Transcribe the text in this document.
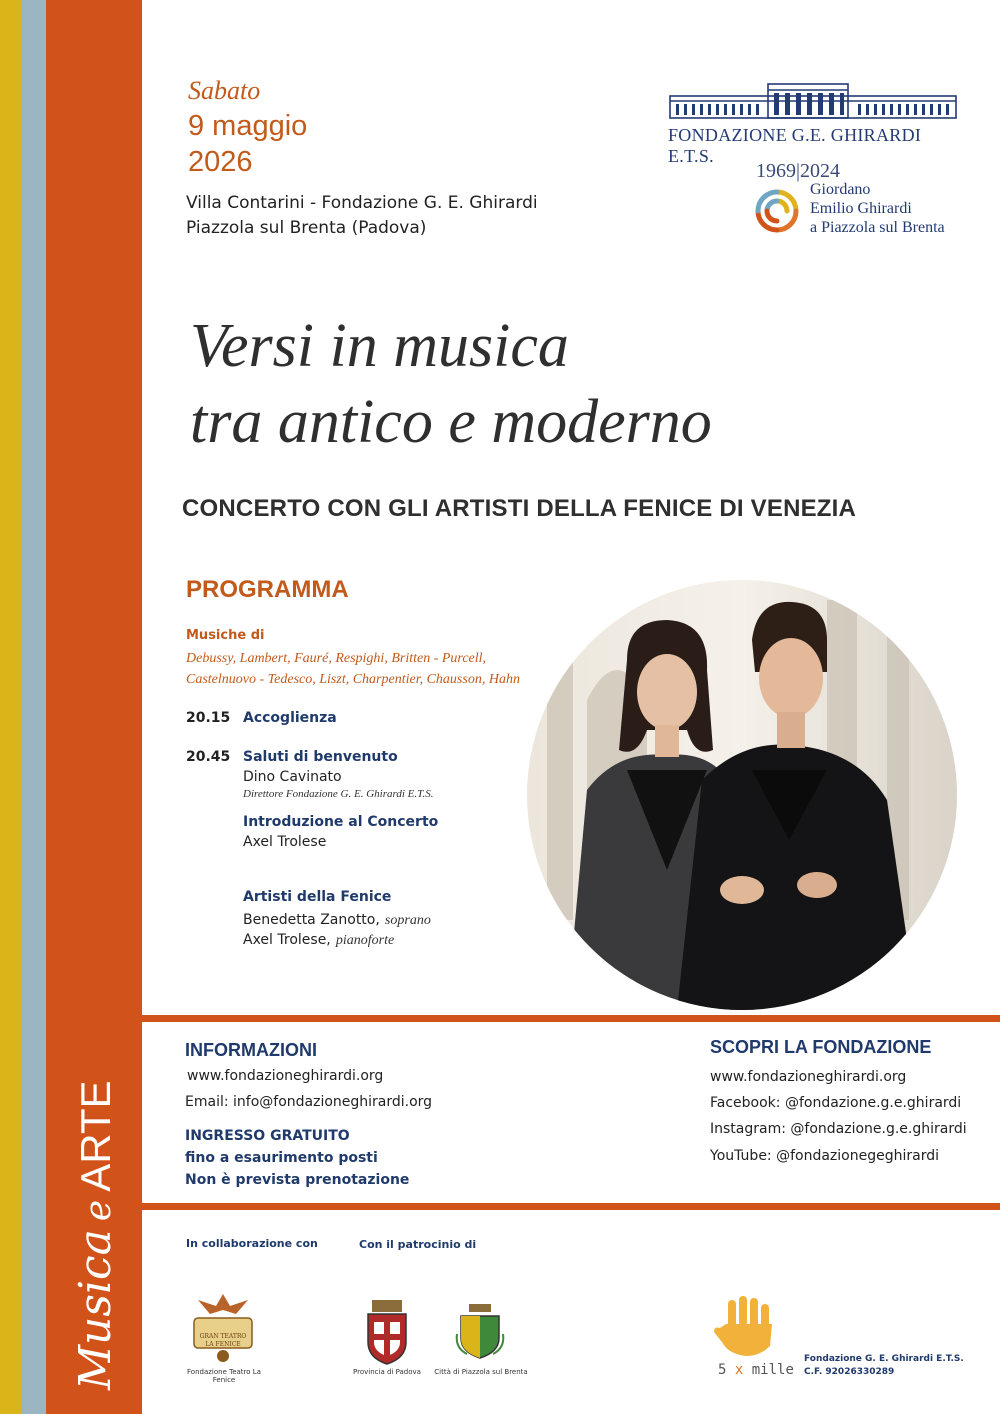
MusicaeARTE
Sabato
9 maggio
2026
Villa Contarini - Fondazione G. E. Ghirardi
Piazzola sul Brenta (Padova)
FONDAZIONE G.E. GHIRARDI E.T.S.
1969|2024
Giordano
Emilio Ghirardi
a Piazzola sul Brenta
Versi in musica
tra antico e moderno
CONCERTO CON GLI ARTISTI DELLA FENICE DI VENEZIA
PROGRAMMA
Musiche di
Debussy, Lambert, Fauré, Respighi, Britten - Purcell,
Castelnuovo - Tedesco, Liszt, Charpentier, Chausson, Hahn
20.15 Accoglienza
20.45 Saluti di benvenuto
Dino Cavinato
Direttore Fondazione G. E. Ghirardi E.T.S.
Introduzione al Concerto
Axel Trolese
Artisti della Fenice
Benedetta Zanotto, soprano
Axel Trolese, pianoforte
INFORMAZIONI
www.fondazioneghirardi.org
Email: info@fondazioneghirardi.org
INGRESSO GRATUITO
fino a esaurimento posti
Non è prevista prenotazione
SCOPRI LA FONDAZIONE
www.fondazioneghirardi.org
Facebook: @fondazione.g.e.ghirardi
Instagram: @fondazione.g.e.ghirardi
YouTube: @fondazionegeghirardi
In collaborazione con	Con il patrocinio di
GRAN TEATRO
LA FENICE
Fondazione Teatro La Fenice
Provincia di Padova	Città di Piazzola sul Brenta	5 x mille
Fondazione G. E. Ghirardi E.T.S.
C.F. 92026330289
